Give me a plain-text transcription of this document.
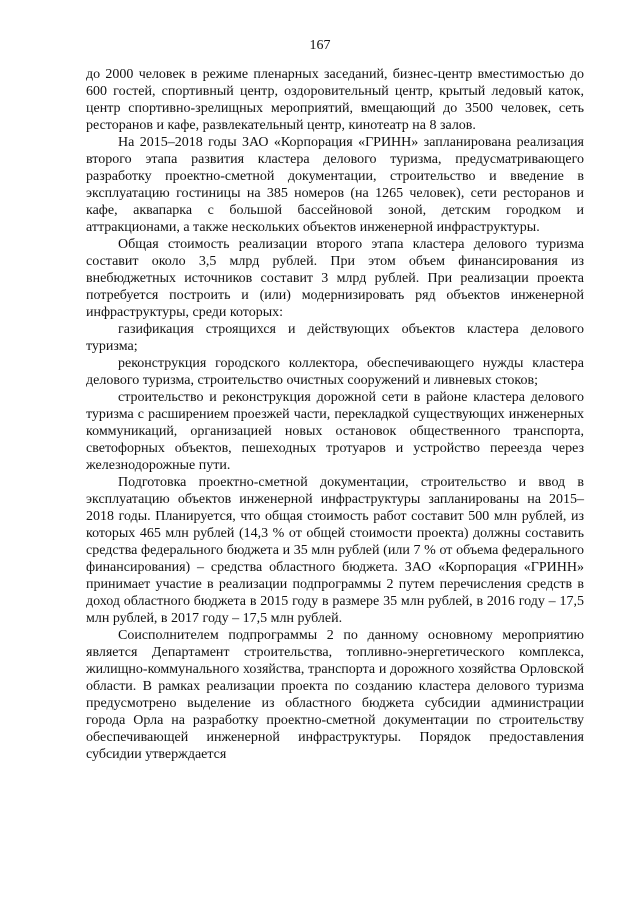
167

до 2000 человек в режиме пленарных заседаний, бизнес-центр вместимостью до 600 гостей, спортивный центр, оздоровительный центр, крытый ледовый каток, центр спортивно-зрелищных мероприятий, вмещающий до 3500 человек, сеть ресторанов и кафе, развлекательный центр, кинотеатр на 8 залов.

На 2015–2018 годы ЗАО «Корпорация «ГРИНН» запланирована реализация второго этапа развития кластера делового туризма, предусматривающего разработку проектно-сметной документации, строительство и введение в эксплуатацию гостиницы на 385 номеров (на 1265 человек), сети ресторанов и кафе, аквапарка с большой бассейновой зоной, детским городком и аттракционами, а также нескольких объектов инженерной инфраструктуры.

Общая стоимость реализации второго этапа кластера делового туризма составит около 3,5 млрд рублей. При этом объем финансирования из внебюджетных источников составит 3 млрд рублей. При реализации проекта потребуется построить и (или) модернизировать ряд объектов инженерной инфраструктуры, среди которых:

газификация строящихся и действующих объектов кластера делового туризма;

реконструкция городского коллектора, обеспечивающего нужды кластера делового туризма, строительство очистных сооружений и ливневых стоков;

строительство и реконструкция дорожной сети в районе кластера делового туризма с расширением проезжей части, перекладкой существующих инженерных коммуникаций, организацией новых остановок общественного транспорта, светофорных объектов, пешеходных тротуаров и устройство переезда через железнодорожные пути.

Подготовка проектно-сметной документации, строительство и ввод в эксплуатацию объектов инженерной инфраструктуры запланированы на 2015–2018 годы. Планируется, что общая стоимость работ составит 500 млн рублей, из которых 465 млн рублей (14,3 % от общей стоимости проекта) должны составить средства федерального бюджета и 35 млн рублей (или 7 % от объема федерального финансирования) – средства областного бюджета. ЗАО «Корпорация «ГРИНН» принимает участие в реализации подпрограммы 2 путем перечисления средств в доход областного бюджета в 2015 году в размере 35 млн рублей, в 2016 году – 17,5 млн рублей, в 2017 году – 17,5 млн рублей.

Соисполнителем подпрограммы 2 по данному основному мероприятию является Департамент строительства, топливно-энергетического комплекса, жилищно-коммунального хозяйства, транспорта и дорожного хозяйства Орловской области. В рамках реализации проекта по созданию кластера делового туризма предусмотрено выделение из областного бюджета субсидии администрации города Орла на разработку проектно-сметной документации по строительству обеспечивающей инженерной инфраструктуры. Порядок предоставления субсидии утверждается
